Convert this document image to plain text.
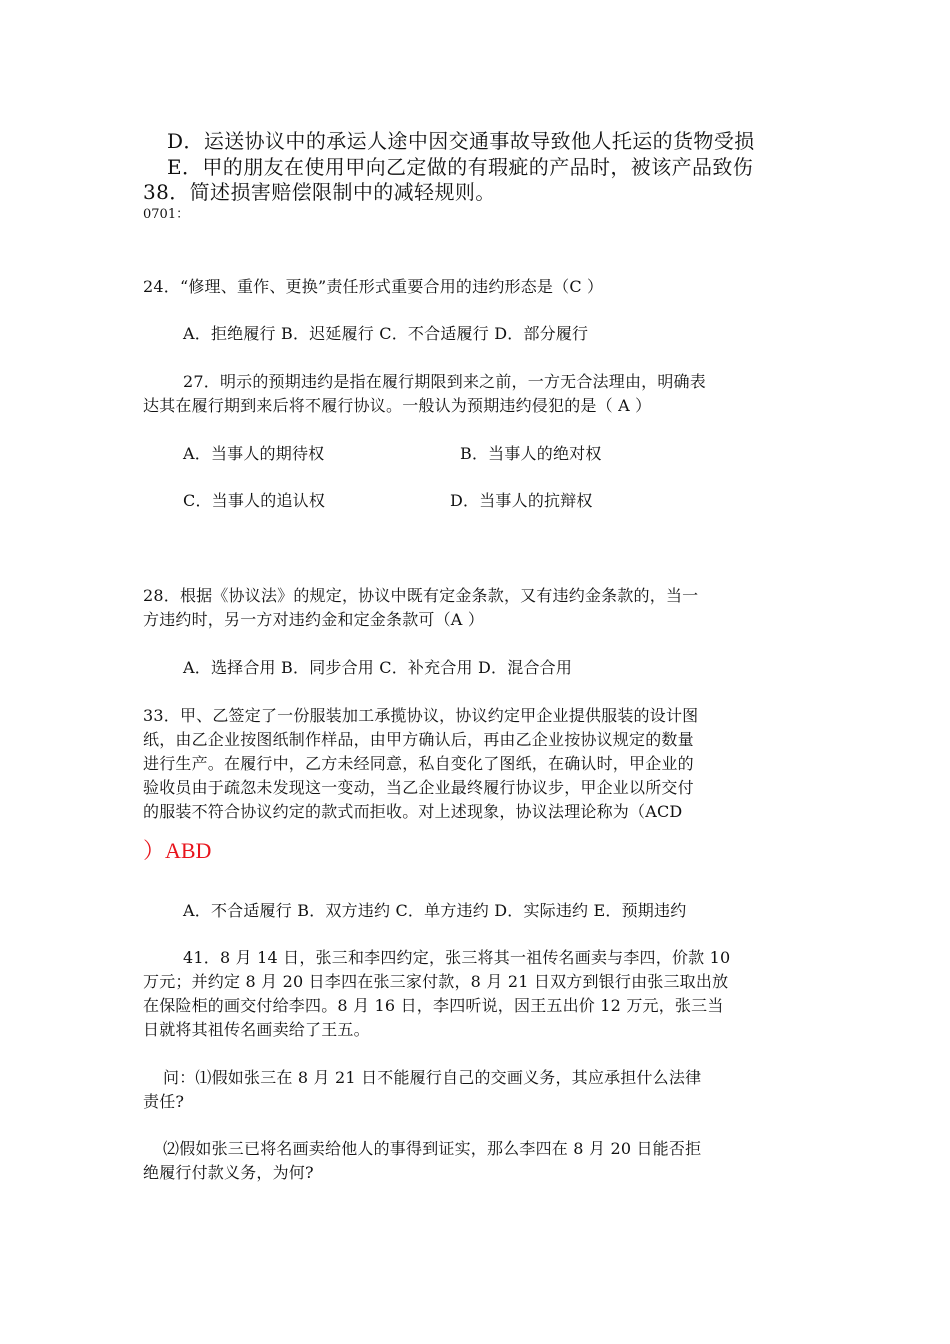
D．运送协议中的承运人途中因交通事故导致他人托运的货物受损

E．甲的朋友在使用甲向乙定做的有瑕疵的产品时，被该产品致伤

38．简述损害赔偿限制中的减轻规则。

0701：

24．“修理、重作、更换”责任形式重要合用的违约形态是（C ）

A．拒绝履行 B．迟延履行 C．不合适履行 D．部分履行

27．明示的预期违约是指在履行期限到来之前，一方无合法理由，明确表

达其在履行期到来后将不履行协议。一般认为预期违约侵犯的是（ A ）

A．当事人的期待权	B．当事人的绝对权
C．当事人的追认权	D．当事人的抗辩权

28．根据《协议法》的规定，协议中既有定金条款，又有违约金条款的，当一

方违约时，另一方对违约金和定金条款可（A ）

A．选择合用 B．同步合用 C．补充合用 D．混合合用

33．甲、乙签定了一份服装加工承揽协议，协议约定甲企业提供服装的设计图

纸，由乙企业按图纸制作样品，由甲方确认后，再由乙企业按协议规定的数量

进行生产。在履行中，乙方未经同意，私自变化了图纸，在确认时，甲企业的

验收员由于疏忽未发现这一变动，当乙企业最终履行协议步，甲企业以所交付

的服装不符合协议约定的款式而拒收。对上述现象，协议法理论称为（ACD

）ABD

A．不合适履行 B．双方违约 C．单方违约 D．实际违约 E．预期违约

41．8 月 14 日，张三和李四约定，张三将其一祖传名画卖与李四，价款 10

万元；并约定 8 月 20 日李四在张三家付款，8 月 21 日双方到银行由张三取出放

在保险柜的画交付给李四。8 月 16 日，李四听说，因王五出价 12 万元，张三当

日就将其祖传名画卖给了王五。

问：⑴假如张三在 8 月 21 日不能履行自己的交画义务，其应承担什么法律

责任?

⑵假如张三已将名画卖给他人的事得到证实，那么李四在 8 月 20 日能否拒

绝履行付款义务，为何?
